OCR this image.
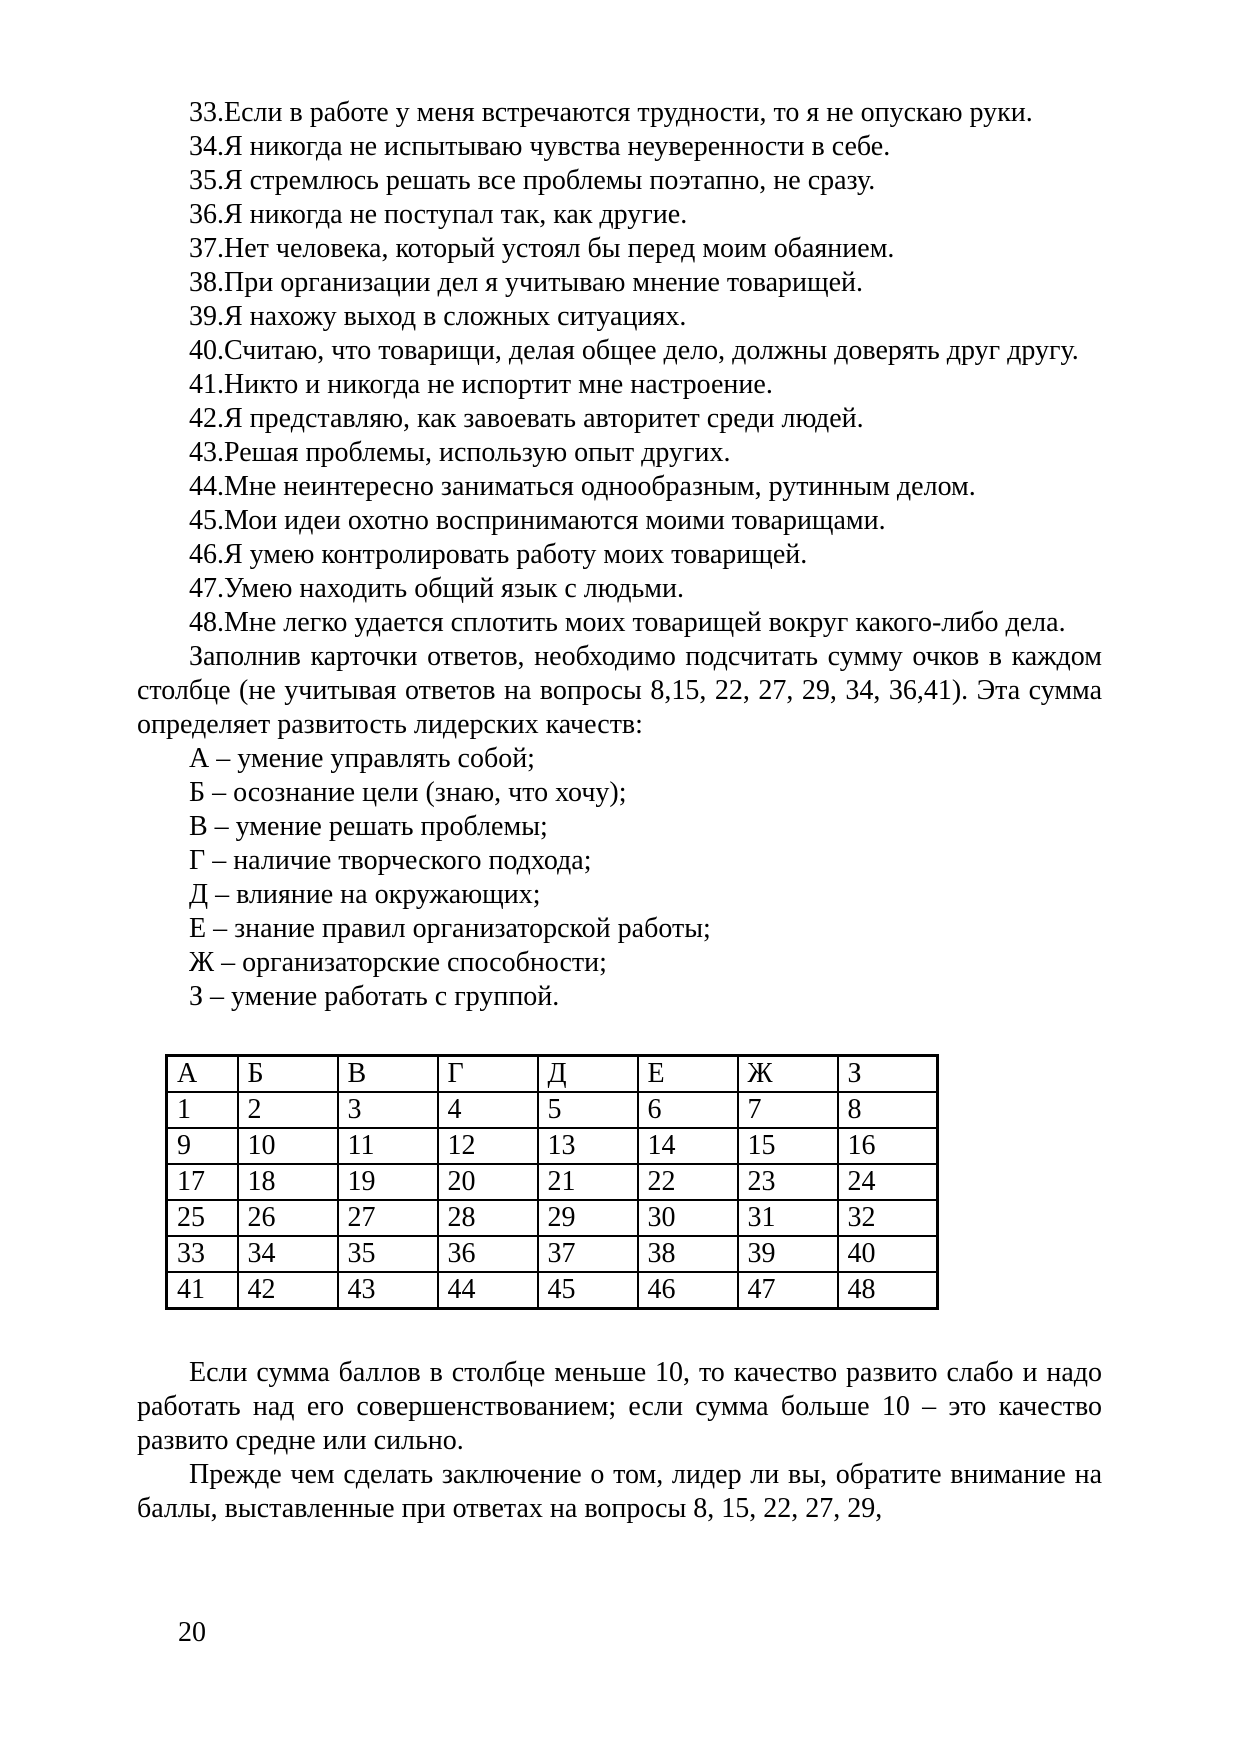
33.Если в работе у меня встречаются трудности, то я не опускаю руки.

34.Я никогда не испытываю чувства неуверенности в себе.

35.Я стремлюсь решать все проблемы поэтапно, не сразу.

36.Я никогда не поступал так, как другие.

37.Нет человека, который устоял бы перед моим обаянием.

38.При организации дел я учитываю мнение товарищей.

39.Я нахожу выход в сложных ситуациях.

40.Считаю, что товарищи, делая общее дело, должны доверять друг другу.

41.Никто и никогда не испортит мне настроение.

42.Я представляю, как завоевать авторитет среди людей.

43.Решая проблемы, использую опыт других.

44.Мне неинтересно заниматься однообразным, рутинным делом.

45.Мои идеи охотно воспринимаются моими товарищами.

46.Я умею контролировать работу моих товарищей.

47.Умею находить общий язык с людьми.

48.Мне легко удается сплотить моих товарищей вокруг какого-либо дела.

Заполнив карточки ответов, необходимо подсчитать сумму очков в каждом столбце (не учитывая ответов на вопросы 8,15, 22, 27, 29, 34, 36,41). Эта сумма определяет развитость лидерских качеств:

А – умение управлять собой;

Б – осознание цели (знаю, что хочу);

В – умение решать проблемы;

Г – наличие творческого подхода;

Д – влияние на окружающих;

Е – знание правил организаторской работы;

Ж – организаторские способности;

З – умение работать с группой.

А	Б	В	Г	Д	Е	Ж	З
1	2	3	4	5	6	7	8
9	10	11	12	13	14	15	16
17	18	19	20	21	22	23	24
25	26	27	28	29	30	31	32
33	34	35	36	37	38	39	40
41	42	43	44	45	46	47	48

Если сумма баллов в столбце меньше 10, то качество развито слабо и надо работать над его совершенствованием; если сумма больше 10 – это качество развито средне или сильно.

Прежде чем сделать заключение о том, лидер ли вы, обратите внимание на баллы, выставленные при ответах на вопросы 8, 15, 22, 27, 29,

20
